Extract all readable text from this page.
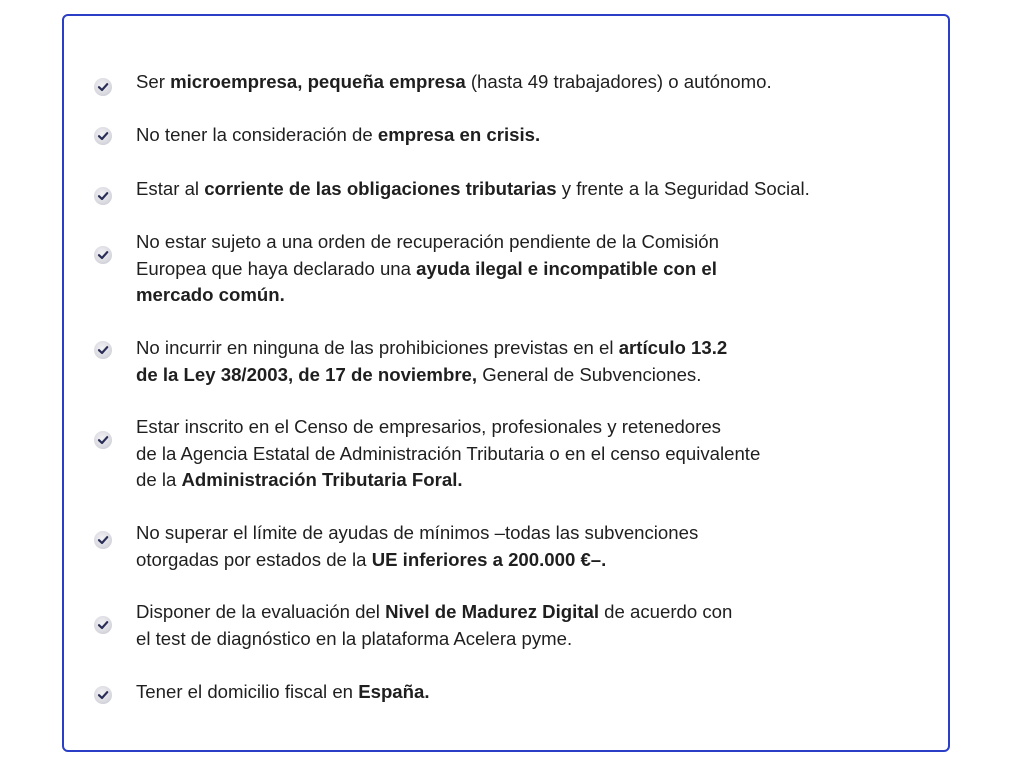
Ser microempresa, pequeña empresa (hasta 49 trabajadores) o autónomo.
No tener la consideración de empresa en crisis.
Estar al corriente de las obligaciones tributarias y frente a la Seguridad Social.
No estar sujeto a una orden de recuperación pendiente de la Comisión
Europea que haya declarado una ayuda ilegal e incompatible con el
mercado común.
No incurrir en ninguna de las prohibiciones previstas en el artículo 13.2
de la Ley 38/2003, de 17 de noviembre, General de Subvenciones.
Estar inscrito en el Censo de empresarios, profesionales y retenedores
de la Agencia Estatal de Administración Tributaria o en el censo equivalente
de la Administración Tributaria Foral.
No superar el límite de ayudas de mínimos –todas las subvenciones
otorgadas por estados de la UE inferiores a 200.000 €–.
Disponer de la evaluación del Nivel de Madurez Digital de acuerdo con
el test de diagnóstico en la plataforma Acelera pyme.
Tener el domicilio fiscal en España.
